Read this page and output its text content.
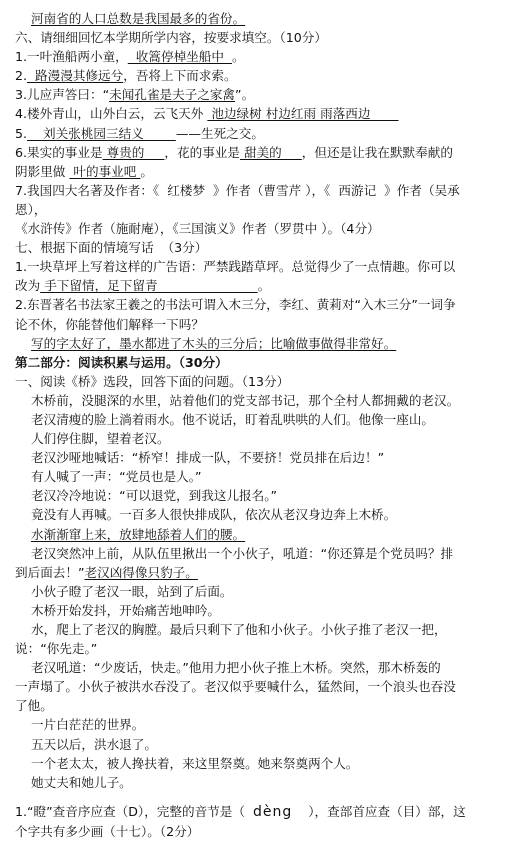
河南省的人口总数是我国最多的省份。
六、请细细回忆本学期所学内容，按要求填空。（10分）
1.一叶渔船两小童，  收篙停棹坐船中  。
2.  路漫漫其修远兮，吾将上下而求索。
3.儿应声答曰：“未闻孔雀是夫子之家禽”。
4.楼外青山，山外白云，云飞天外  池边绿树 村边红雨 雨落西边
5.    刘关张桃园三结义        ——生死之交。
6.果实的事业是 尊贵的     ，花的事业是 甜美的     ，但还是让我在默默奉献的
阴影里做  叶的事业吧 。
7.我国四大名著及作者：《  红楼梦  》作者（曹雪芹 ），《  西游记  》作者（吴承
恩），
《水浒传》作者（施耐庵），《三国演义》作者（罗贯中 ）。（4分）
七、根据下面的情境写话  （3分）
1.一块草坪上写着这样的广告语：严禁践踏草坪。总觉得少了一点情趣。你可以
改为 手下留情，足下留青                         。
2.东晋著名书法家王羲之的书法可谓入木三分，李红、黄莉对“入木三分”一词争
论不休，你能替他们解释一下吗？
写的字太好了，墨水都进了木头的三分后；比喻做事做得非常好。
第二部分：阅读积累与运用。（30分）
一、阅读《桥》选段，回答下面的问题。（13分）
木桥前，没腿深的水里，站着他们的党支部书记，那个全村人都拥戴的老汉。
老汉清瘦的脸上淌着雨水。他不说话，盯着乱哄哄的人们。他像一座山。
人们停住脚，望着老汉。
老汉沙哑地喊话：“桥窄！排成一队，不要挤！党员排在后边！”
有人喊了一声：“党员也是人。”
老汉冷冷地说：“可以退党，到我这儿报名。”
竟没有人再喊。一百多人很快排成队，依次从老汉身边奔上木桥。
水渐渐窜上来，放肆地舔着人们的腰。
老汉突然冲上前，从队伍里揪出一个小伙子，吼道：“你还算是个党员吗？排
到后面去！”老汉凶得像只豹子。
小伙子瞪了老汉一眼，站到了后面。
木桥开始发抖，开始痛苦地呻吟。
水，爬上了老汉的胸膛。最后只剩下了他和小伙子。小伙子推了老汉一把，
说：“你先走。”
老汉吼道：“少废话，快走。”他用力把小伙子推上木桥。突然，那木桥轰的
一声塌了。小伙子被洪水吞没了。老汉似乎要喊什么，猛然间，一个浪头也吞没
了他。
一片白茫茫的世界。
五天以后，洪水退了。
一个老太太，被人搀扶着，来这里祭奠。她来祭奠两个人。
她丈夫和她儿子。
1.“瞪”查音序应查（D），完整的音节是（  dèng    ），查部首应查（目）部，这
个字共有多少画（十七）。（2分）
